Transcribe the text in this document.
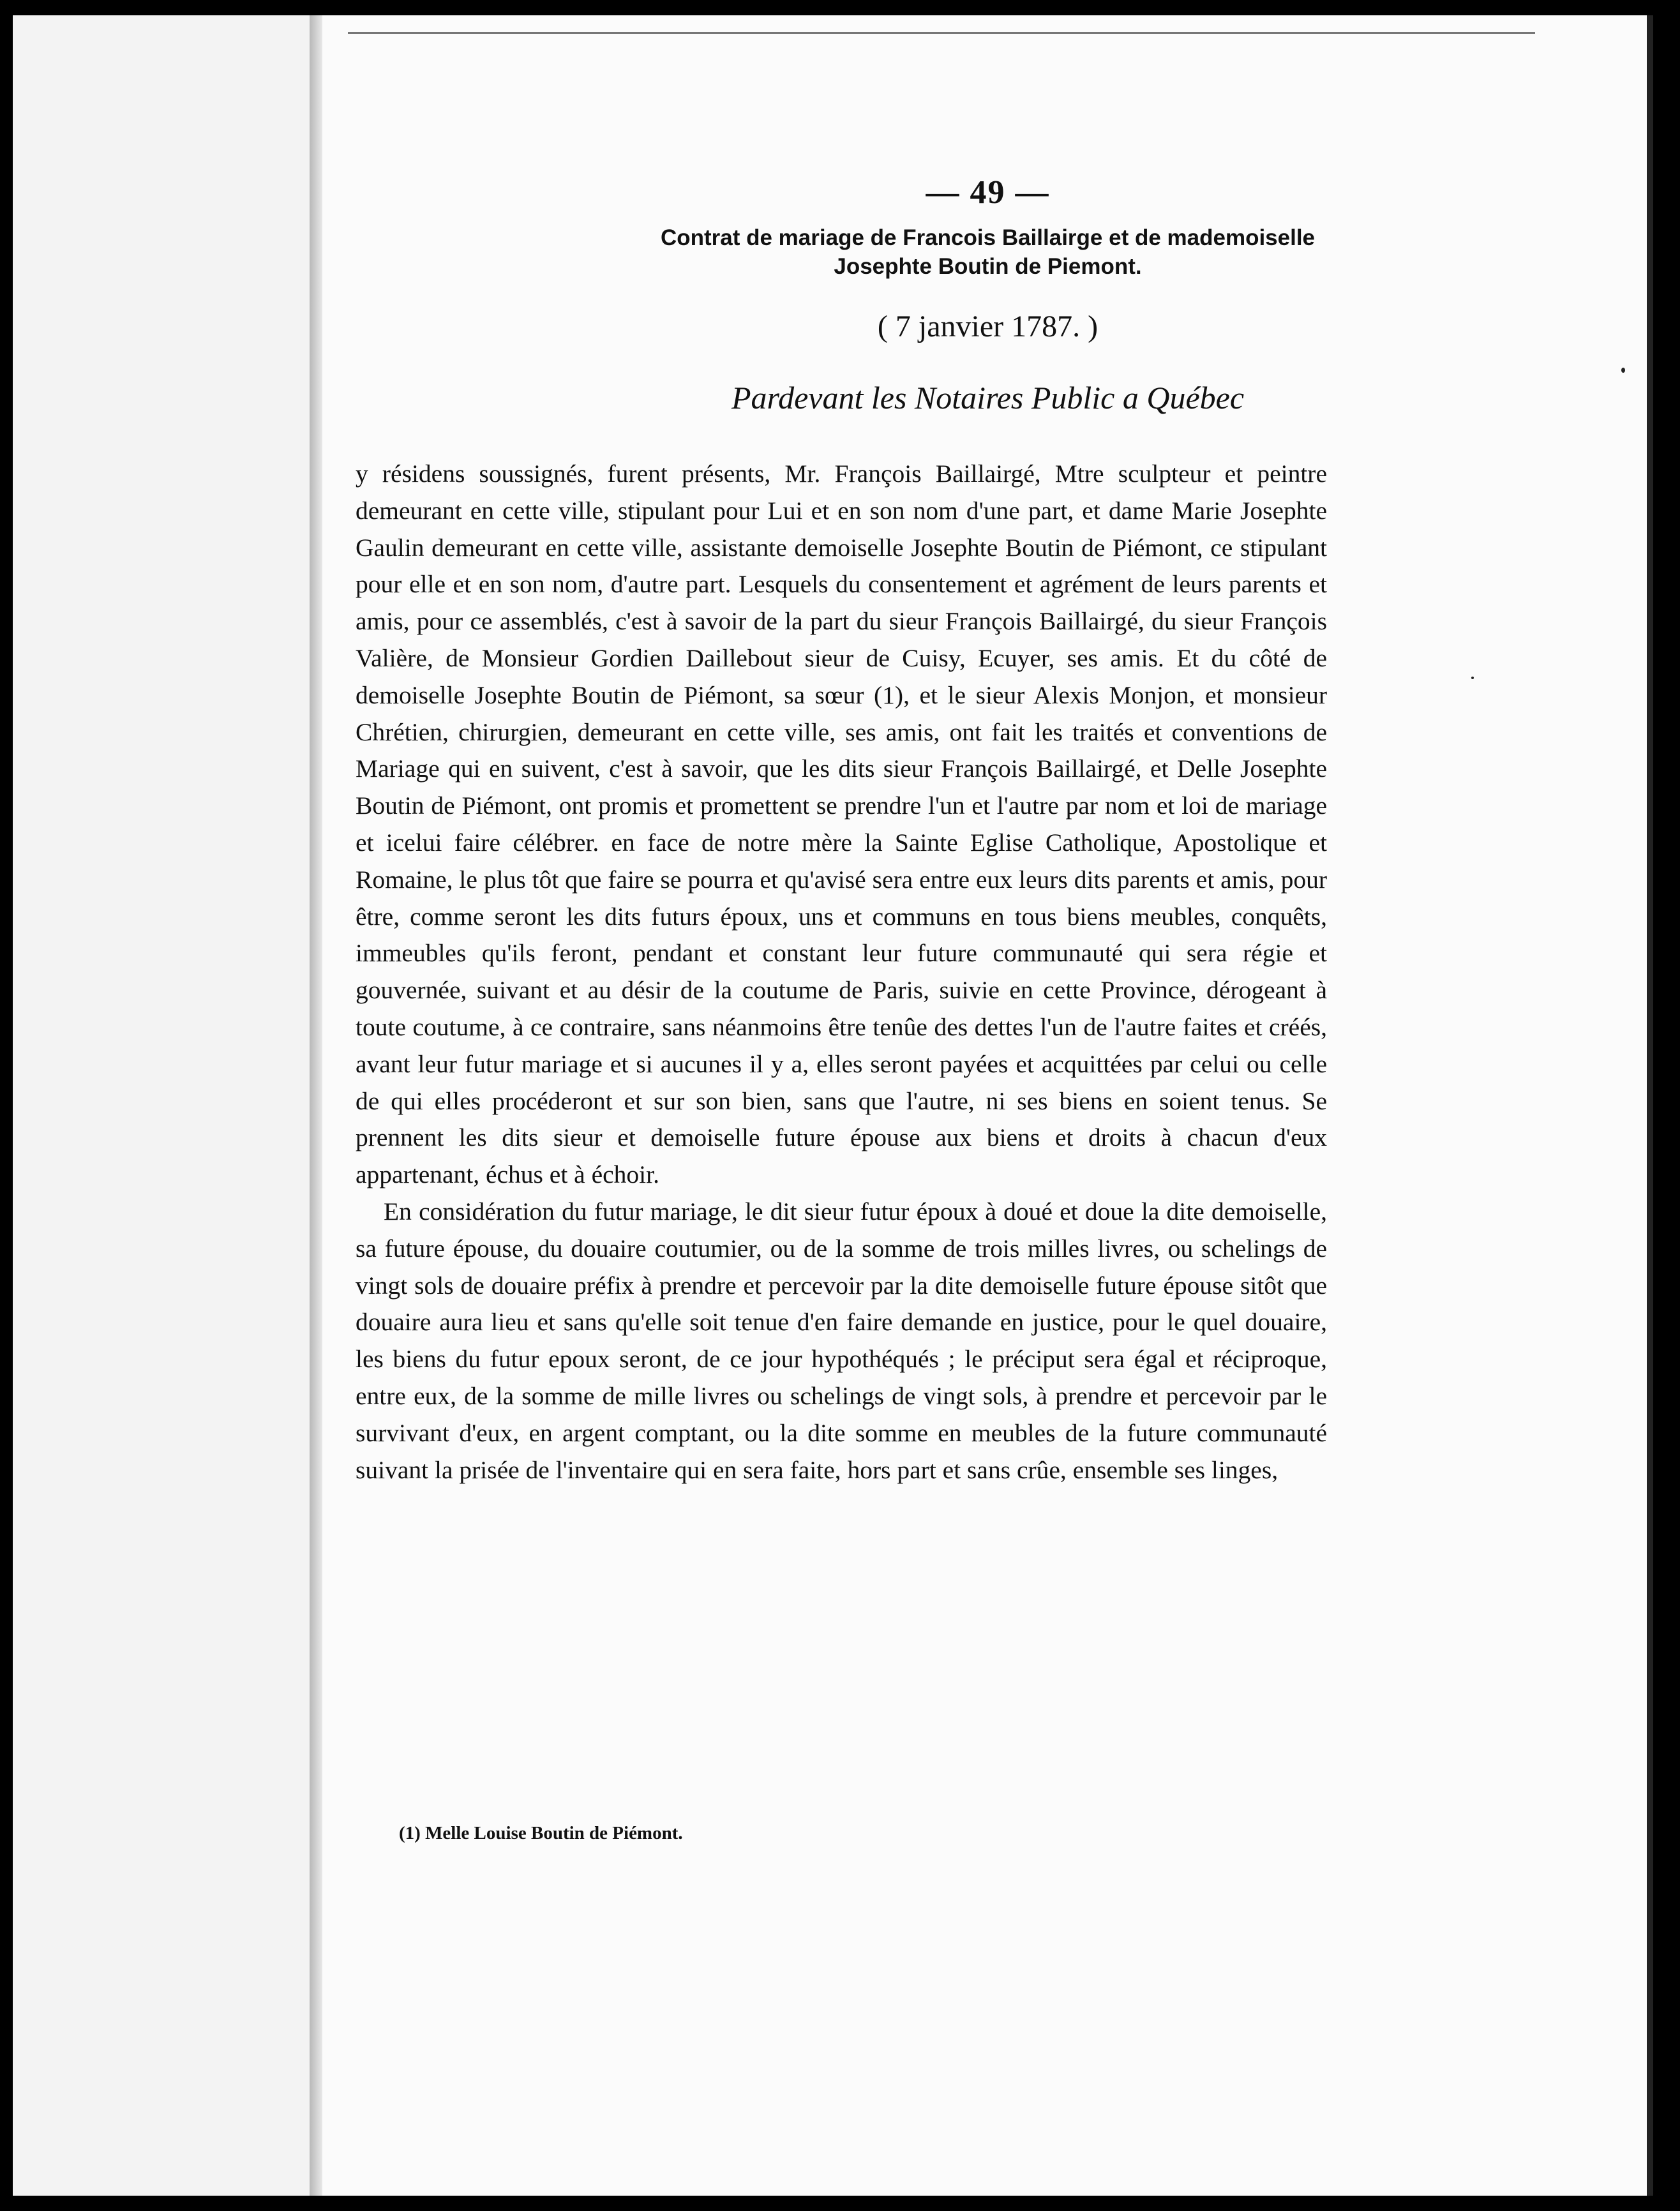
— 49 —
Contrat de mariage de Francois Baillairge et de mademoiselle
Josephte Boutin de Piemont.
( 7 janvier 1787. )
Pardevant les Notaires Public a Québec

y résidens soussignés, furent présents, Mr. François Baillairgé, Mtre sculpteur et peintre demeurant en cette ville, stipulant pour Lui et en son nom d'une part, et dame Marie Josephte Gaulin demeurant en cette ville, assistante demoiselle Josephte Boutin de Piémont, ce stipulant pour elle et en son nom, d'autre part. Lesquels du consentement et agrément de leurs parents et amis, pour ce assemblés, c'est à savoir de la part du sieur François Baillairgé, du sieur François Valière, de Monsieur Gordien Daillebout sieur de Cuisy, Ecuyer, ses amis. Et du côté de demoiselle Josephte Boutin de Piémont, sa sœur (1), et le sieur Alexis Monjon, et monsieur Chrétien, chirurgien, demeurant en cette ville, ses amis, ont fait les traités et conventions de Mariage qui en suivent, c'est à savoir, que les dits sieur François Baillairgé, et Delle Josephte Boutin de Piémont, ont promis et promettent se prendre l'un et l'autre par nom et loi de mariage et icelui faire célébrer. en face de notre mère la Sainte Eglise Catholique, Apostolique et Romaine, le plus tôt que faire se pourra et qu'avisé sera entre eux leurs dits parents et amis, pour être, comme seront les dits futurs époux, uns et communs en tous biens meubles, conquêts, immeubles qu'ils feront, pendant et constant leur future communauté qui sera régie et gouvernée, suivant et au désir de la coutume de Paris, suivie en cette Province, dérogeant à toute coutume, à ce contraire, sans néanmoins être tenûe des dettes l'un de l'autre faites et créés, avant leur futur mariage et si aucunes il y a, elles seront payées et acquittées par celui ou celle de qui elles procéderont et sur son bien, sans que l'autre, ni ses biens en soient tenus. Se prennent les dits sieur et demoiselle future épouse aux biens et droits à chacun d'eux appartenant, échus et à échoir.

En considération du futur mariage, le dit sieur futur époux à doué et doue la dite demoiselle, sa future épouse, du douaire coutumier, ou de la somme de trois milles livres, ou schelings de vingt sols de douaire préfix à prendre et percevoir par la dite demoiselle future épouse sitôt que douaire aura lieu et sans qu'elle soit tenue d'en faire demande en justice, pour le quel douaire, les biens du futur epoux seront, de ce jour hypothéqués ; le préciput sera égal et réciproque, entre eux, de la somme de mille livres ou schelings de vingt sols, à prendre et percevoir par le survivant d'eux, en argent comptant, ou la dite somme en meubles de la future communauté suivant la prisée de l'inventaire qui en sera faite, hors part et sans crûe, ensemble ses linges,

(1) Melle Louise Boutin de Piémont.
